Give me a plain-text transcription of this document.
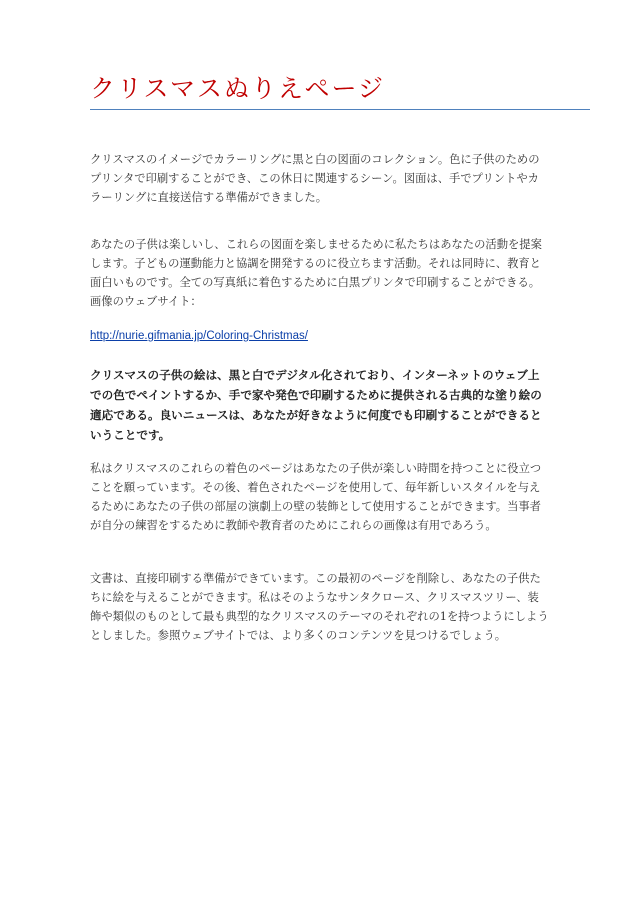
クリスマスぬりえページ

クリスマスのイメージでカラーリングに黒と白の図面のコレクション。色に子供のためのプリンタで印刷することができ、この休日に関連するシーン。図面は、手でプリントやカラーリングに直接送信する準備ができました。

あなたの子供は楽しいし、これらの図面を楽しませるために私たちはあなたの活動を提案します。子どもの運動能力と協調を開発するのに役立ちます活動。それは同時に、教育と面白いものです。全ての写真紙に着色するために白黒プリンタで印刷することができる。画像のウェブサイト：

http://nurie.gifmania.jp/Coloring-Christmas/

クリスマスの子供の絵は、黒と白でデジタル化されており、インターネットのウェブ上での色でペイントするか、手で家や発色で印刷するために提供される古典的な塗り絵の適応である。良いニュースは、あなたが好きなように何度でも印刷することができるということです。

私はクリスマスのこれらの着色のページはあなたの子供が楽しい時間を持つことに役立つことを願っています。その後、着色されたページを使用して、毎年新しいスタイルを与えるためにあなたの子供の部屋の演劇上の壁の装飾として使用することができます。当事者が自分の練習をするために教師や教育者のためにこれらの画像は有用であろう。

文書は、直接印刷する準備ができています。この最初のページを削除し、あなたの子供たちに絵を与えることができます。私はそのようなサンタクロース、クリスマスツリー、装飾や類似のものとして最も典型的なクリスマスのテーマのそれぞれの1を持つようにしようとしました。参照ウェブサイトでは、より多くのコンテンツを見つけるでしょう。
